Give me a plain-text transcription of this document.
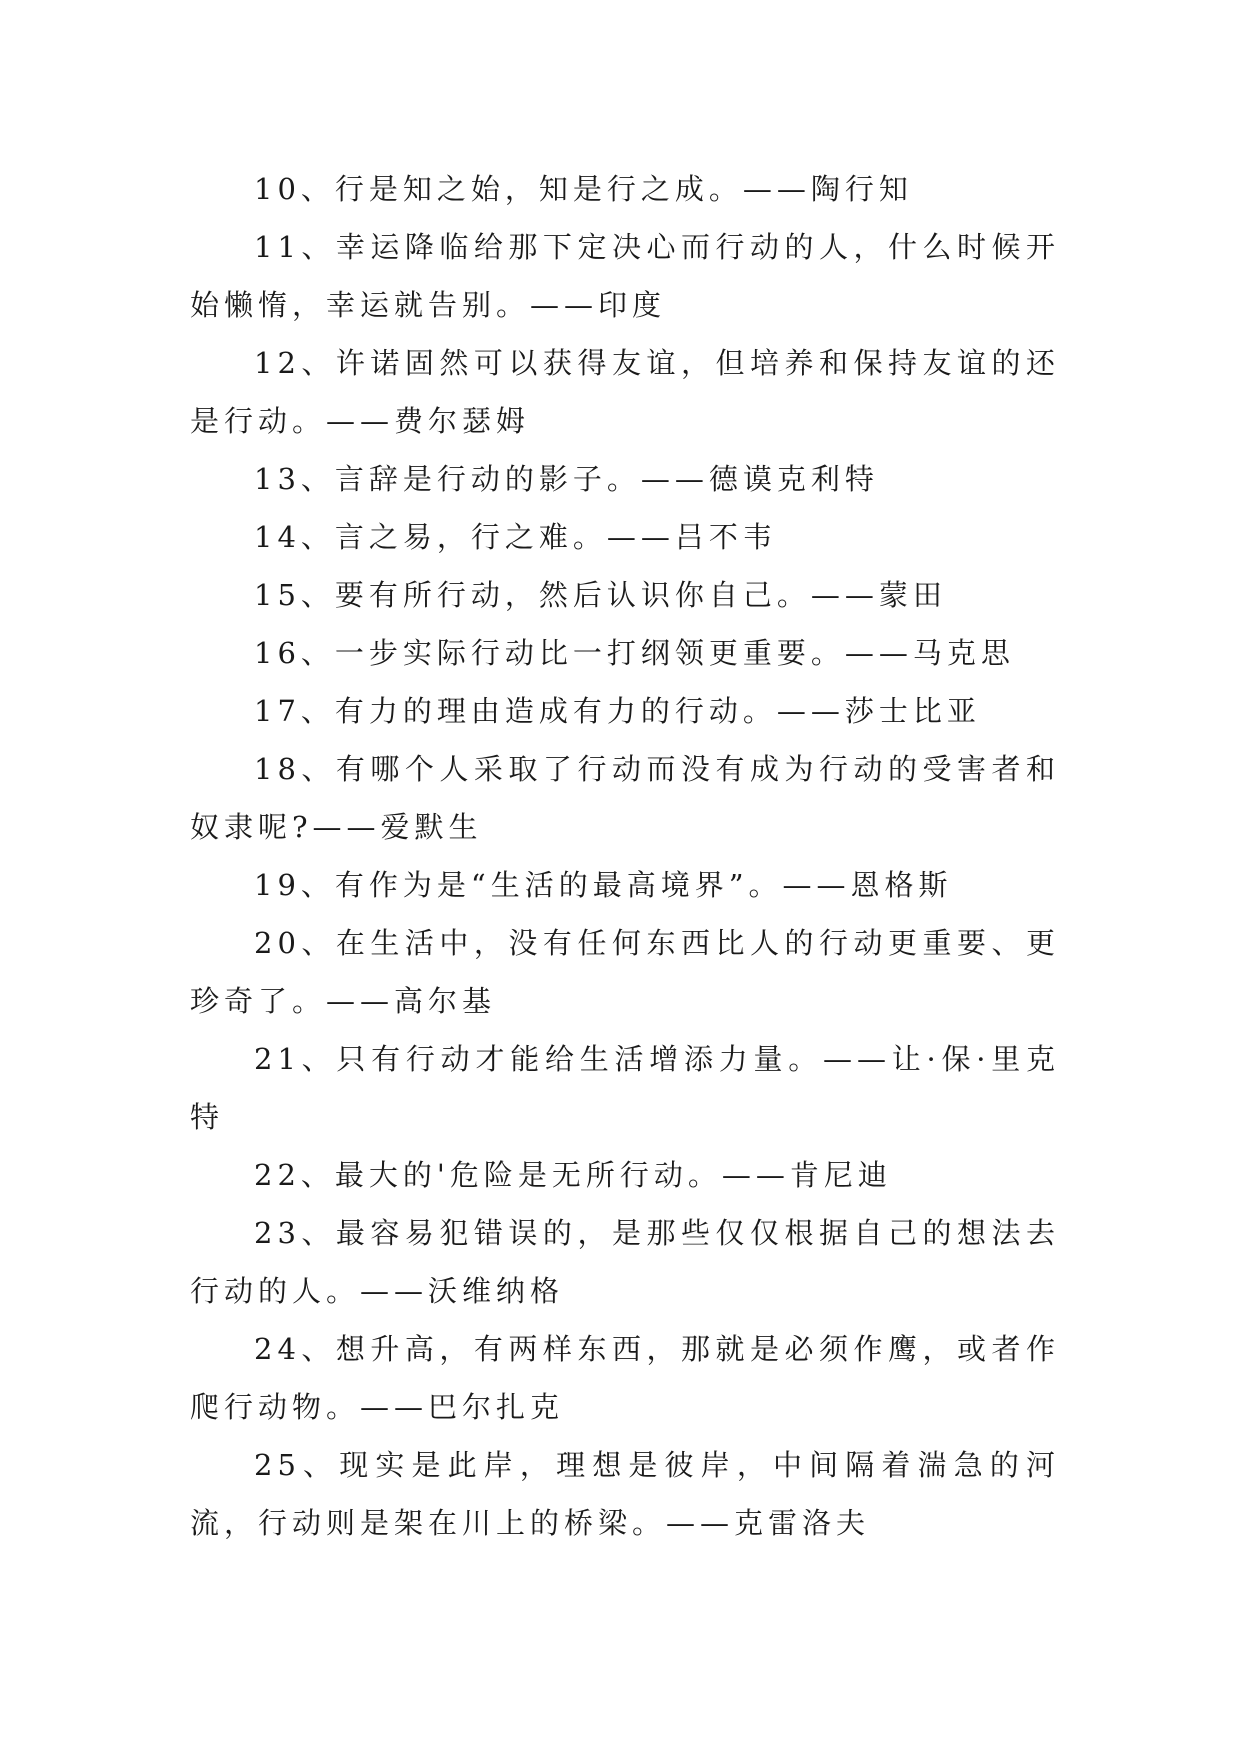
10、行是知之始，知是行之成。——陶行知

11、幸运降临给那下定决心而行动的人，什么时候开始懒惰，幸运就告别。——印度

12、许诺固然可以获得友谊，但培养和保持友谊的还是行动。——费尔瑟姆

13、言辞是行动的影子。——德谟克利特

14、言之易，行之难。——吕不韦

15、要有所行动，然后认识你自己。——蒙田

16、一步实际行动比一打纲领更重要。——马克思

17、有力的理由造成有力的行动。——莎士比亚

18、有哪个人采取了行动而没有成为行动的受害者和奴隶呢?——爱默生

19、有作为是“生活的最高境界”。——恩格斯

20、在生活中，没有任何东西比人的行动更重要、更珍奇了。——高尔基

21、只有行动才能给生活增添力量。——让·保·里克特

22、最大的'危险是无所行动。——肯尼迪

23、最容易犯错误的，是那些仅仅根据自己的想法去行动的人。——沃维纳格

24、想升高，有两样东西，那就是必须作鹰，或者作爬行动物。——巴尔扎克

25、现实是此岸，理想是彼岸，中间隔着湍急的河流，行动则是架在川上的桥梁。——克雷洛夫
